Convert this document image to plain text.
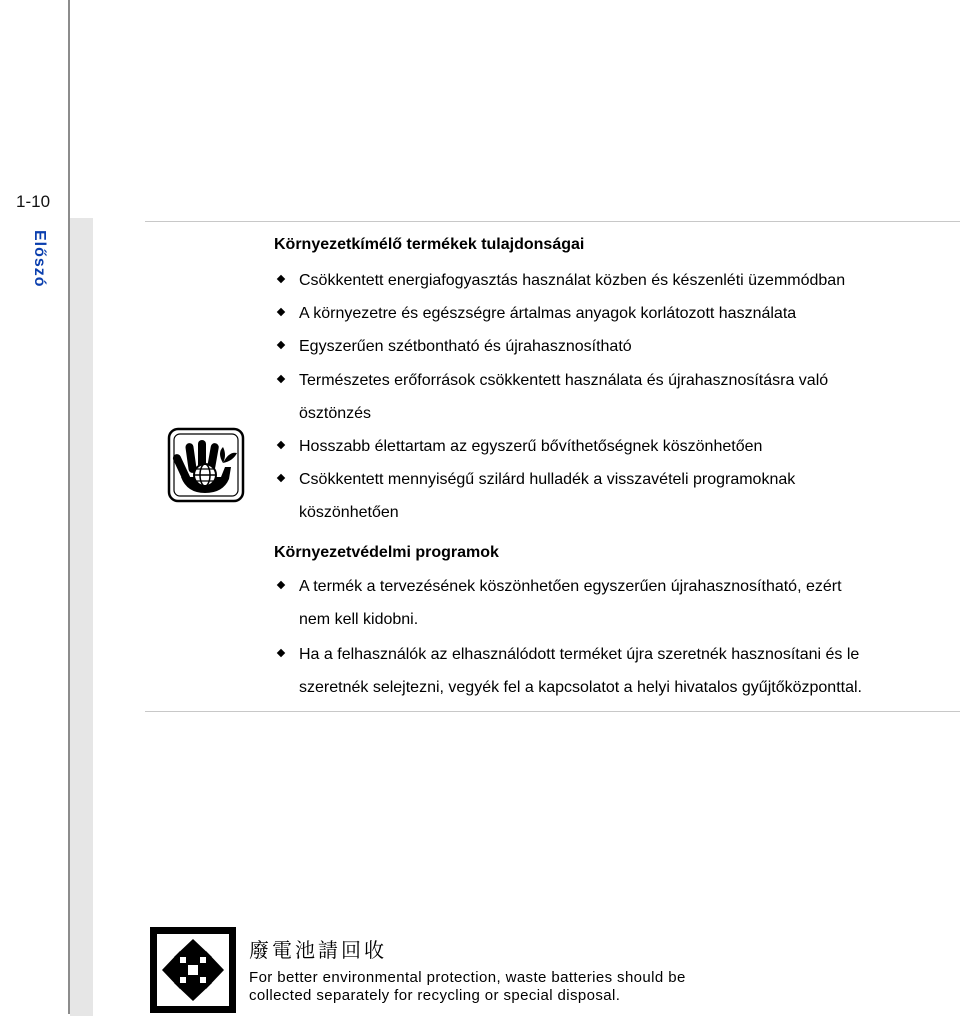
1-10
Előszó	Környezetkímélő termékek tulajdonságai
Csökkentett energiafogyasztás használat közben és készenléti üzemmódban
A környezetre és egészségre ártalmas anyagok korlátozott használata
Egyszerűen szétbontható és újrahasznosítható
Természetes erőforrások csökkentett használata és újrahasznosításra való
ösztönzés
Hosszabb élettartam az egyszerű bővíthetőségnek köszönhetően
Csökkentett mennyiségű szilárd hulladék a visszavételi programoknak
köszönhetően
Környezetvédelmi programok
A termék a tervezésének köszönhetően egyszerűen újrahasznosítható, ezért
nem kell kidobni.
Ha a felhasználók az elhasználódott terméket újra szeretnék hasznosítani és le
szeretnék selejtezni, vegyék fel a kapcsolatot a helyi hivatalos gyűjtőközponttal.
廢電池請回收
For better environmental protection, waste batteries should be
collected separately for recycling or special disposal.
